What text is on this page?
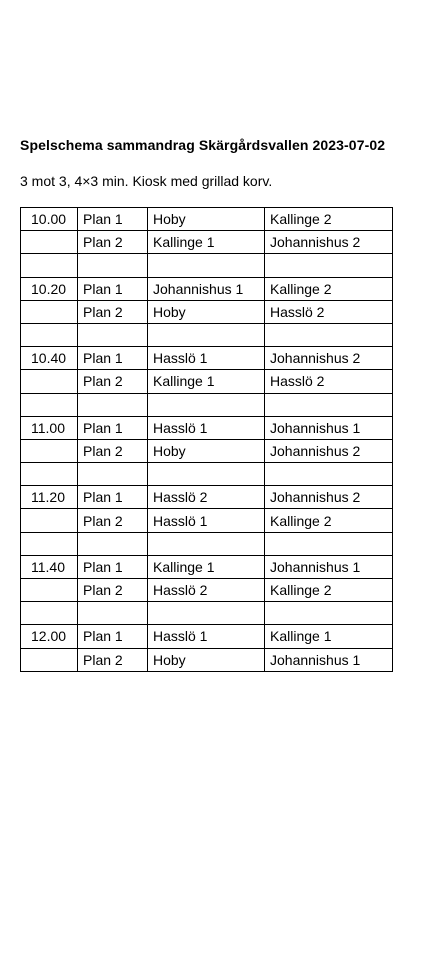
Spelschema sammandrag Skärgårdsvallen 2023-07-02
3 mot 3, 4×3 min. Kiosk med grillad korv.
10.00	Plan 1	Hoby	Kallinge 2
	Plan 2	Kallinge 1	Johannishus 2

10.20	Plan 1	Johannishus 1	Kallinge 2
	Plan 2	Hoby	Hasslö 2

10.40	Plan 1	Hasslö 1	Johannishus 2
	Plan 2	Kallinge 1	Hasslö 2

11.00	Plan 1	Hasslö 1	Johannishus 1
	Plan 2	Hoby	Johannishus 2

11.20	Plan 1	Hasslö 2	Johannishus 2
	Plan 2	Hasslö 1	Kallinge 2

11.40	Plan 1	Kallinge 1	Johannishus 1
	Plan 2	Hasslö 2	Kallinge 2

12.00	Plan 1	Hasslö 1	Kallinge 1
	Plan 2	Hoby	Johannishus 1
